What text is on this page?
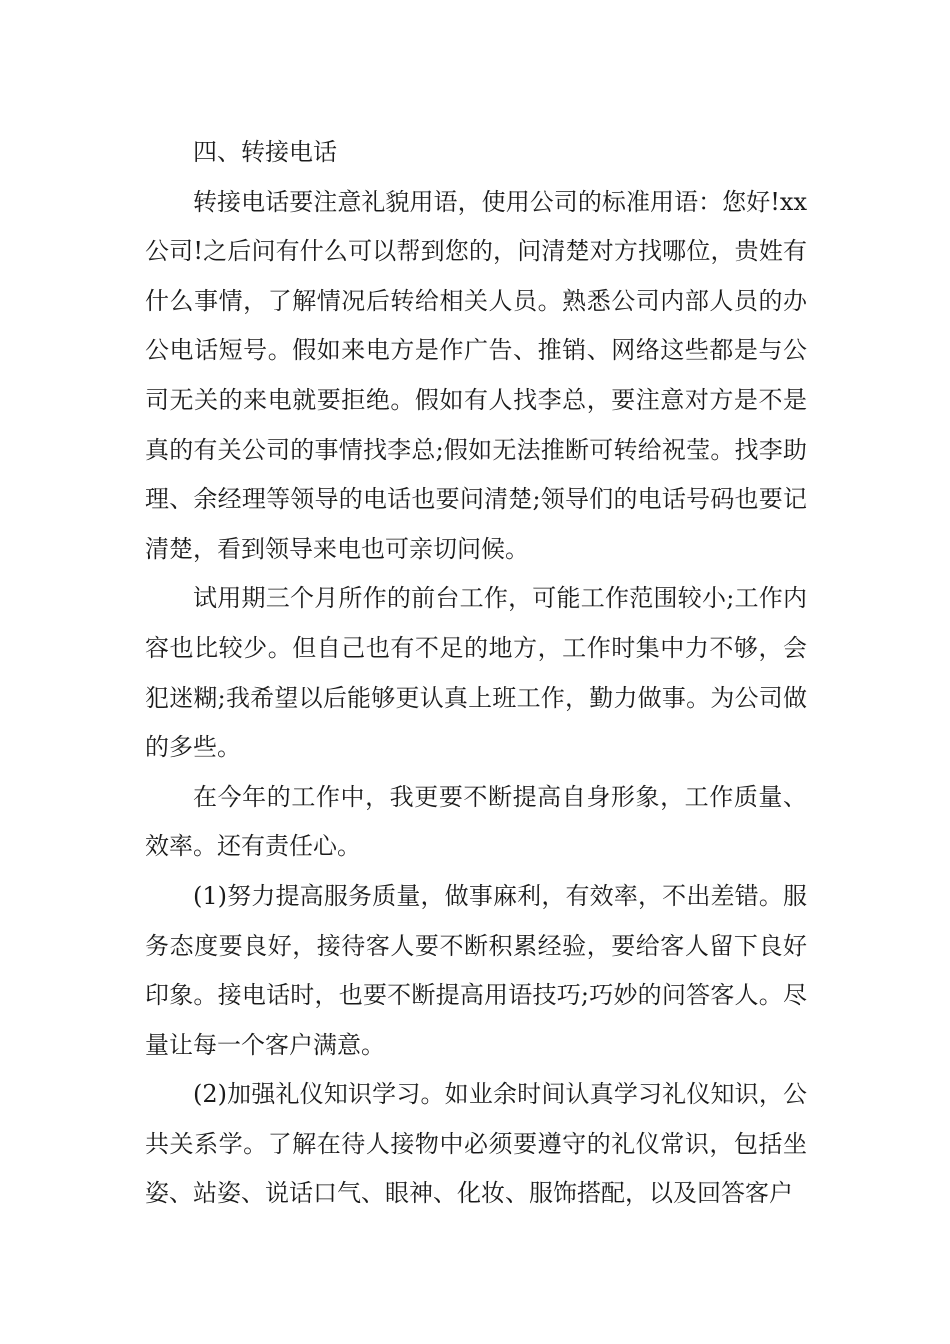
四、转接电话

转接电话要注意礼貌用语，使用公司的标准用语：您好!xx公司!之后问有什么可以帮到您的，问清楚对方找哪位，贵姓有什么事情，了解情况后转给相关人员。熟悉公司内部人员的办公电话短号。假如来电方是作广告、推销、网络这些都是与公司无关的来电就要拒绝。假如有人找李总，要注意对方是不是真的有关公司的事情找李总;假如无法推断可转给祝莹。找李助理、余经理等领导的电话也要问清楚;领导们的电话号码也要记清楚，看到领导来电也可亲切问候。

试用期三个月所作的前台工作，可能工作范围较小;工作内容也比较少。但自己也有不足的地方，工作时集中力不够，会犯迷糊;我希望以后能够更认真上班工作，勤力做事。为公司做的多些。

在今年的工作中，我更要不断提高自身形象，工作质量、效率。还有责任心。

(1)努力提高服务质量，做事麻利，有效率，不出差错。服务态度要良好，接待客人要不断积累经验，要给客人留下良好印象。接电话时，也要不断提高用语技巧;巧妙的问答客人。尽量让每一个客户满意。

(2)加强礼仪知识学习。如业余时间认真学习礼仪知识，公共关系学。了解在待人接物中必须要遵守的礼仪常识，包括坐姿、站姿、说话口气、眼神、化妆、服饰搭配，以及回答客户
